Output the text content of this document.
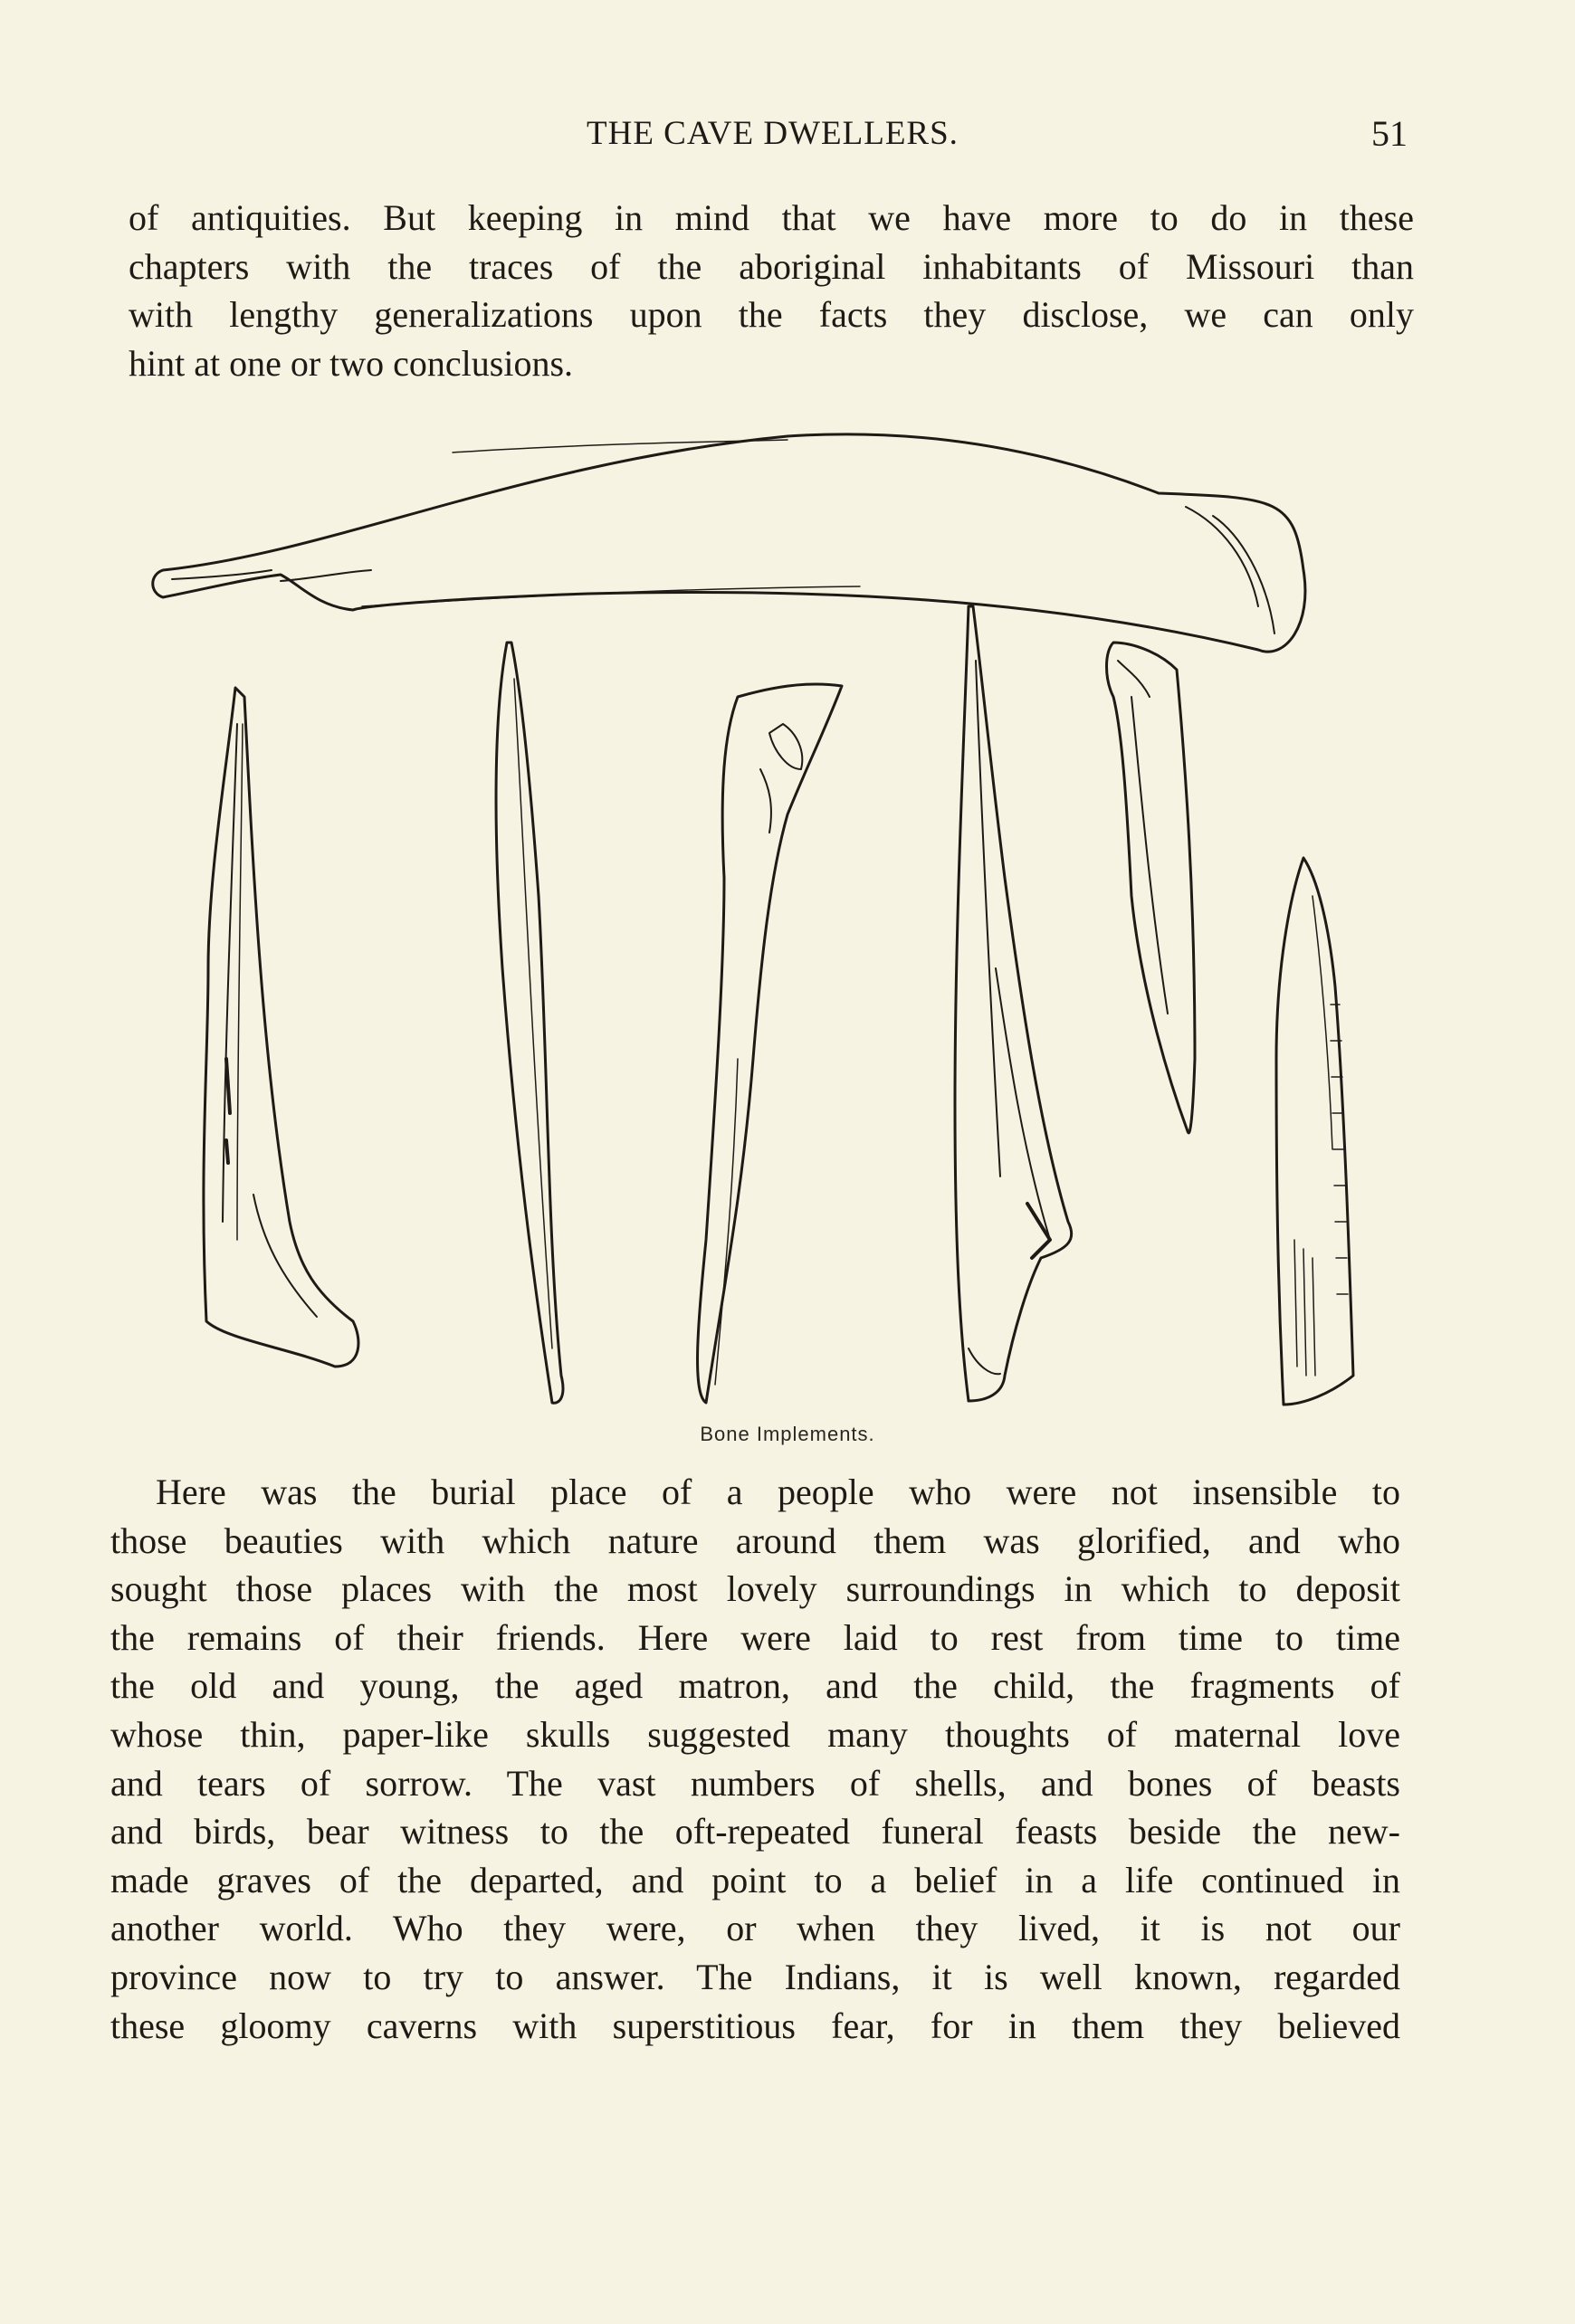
THE CAVE DWELLERS.	51
of antiquities. But keeping in mind that we have more to do in these
chapters with the traces of the aboriginal inhabitants of Missouri than
with lengthy generalizations upon the facts they disclose, we can only
hint at one or two conclusions.
Bone Implements.
Here was the burial place of a people who were not insensible to
those beauties with which nature around them was glorified, and who
sought those places with the most lovely surroundings in which to deposit
the remains of their friends. Here were laid to rest from time to time
the old and young, the aged matron, and the child, the fragments of
whose thin, paper-like skulls suggested many thoughts of maternal love
and tears of sorrow. The vast numbers of shells, and bones of beasts
and birds, bear witness to the oft-repeated funeral feasts beside the new-
made graves of the departed, and point to a belief in a life continued in
another world. Who they were, or when they lived, it is not our
province now to try to answer. The Indians, it is well known, regarded
these gloomy caverns with superstitious fear, for in them they believed
